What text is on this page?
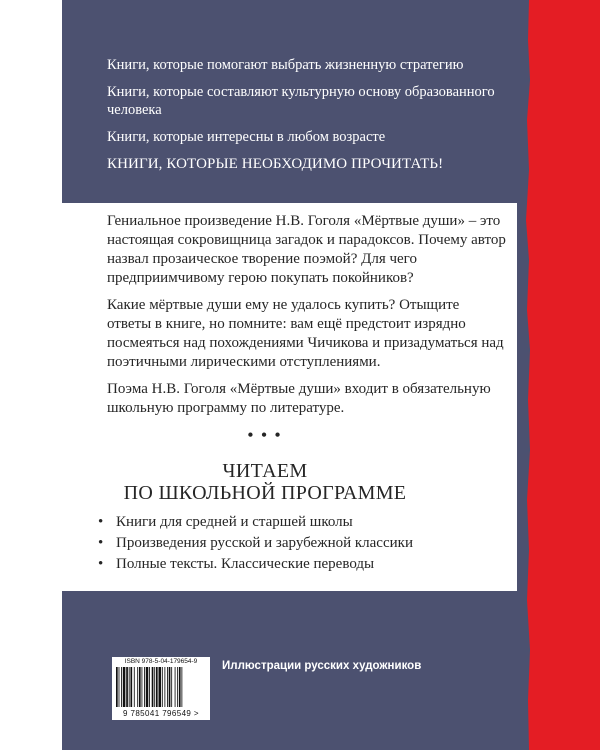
Книги, которые помогают выбрать жизненную стратегию

Книги, которые составляют культурную основу образованного человека

Книги, которые интересны в любом возрасте

КНИГИ, КОТОРЫЕ НЕОБХОДИМО ПРОЧИТАТЬ!

Гениальное произведение Н.В. Гоголя «Мёртвые души» – это настоящая сокровищница загадок и парадоксов. Почему автор назвал прозаическое творение поэмой? Для чего предприимчивому герою покупать покойников?

Какие мёртвые души ему не удалось купить? Отыщите ответы в книге, но помните: вам ещё предстоит изрядно посмеяться над похождениями Чичикова и призадуматься над поэтичными лирическими отступлениями.

Поэма Н.В. Гоголя «Мёртвые души» входит в обязательную школьную программу по литературе.

• • •
ЧИТАЕМ
ПО ШКОЛЬНОЙ ПРОГРАММЕ
• Книги для средней и старшей школы
• Произведения русской и зарубежной классики
• Полные тексты. Классические переводы
ISBN 978-5-04-179654-9
9 785041 796549 >
Иллюстрации русских художников
